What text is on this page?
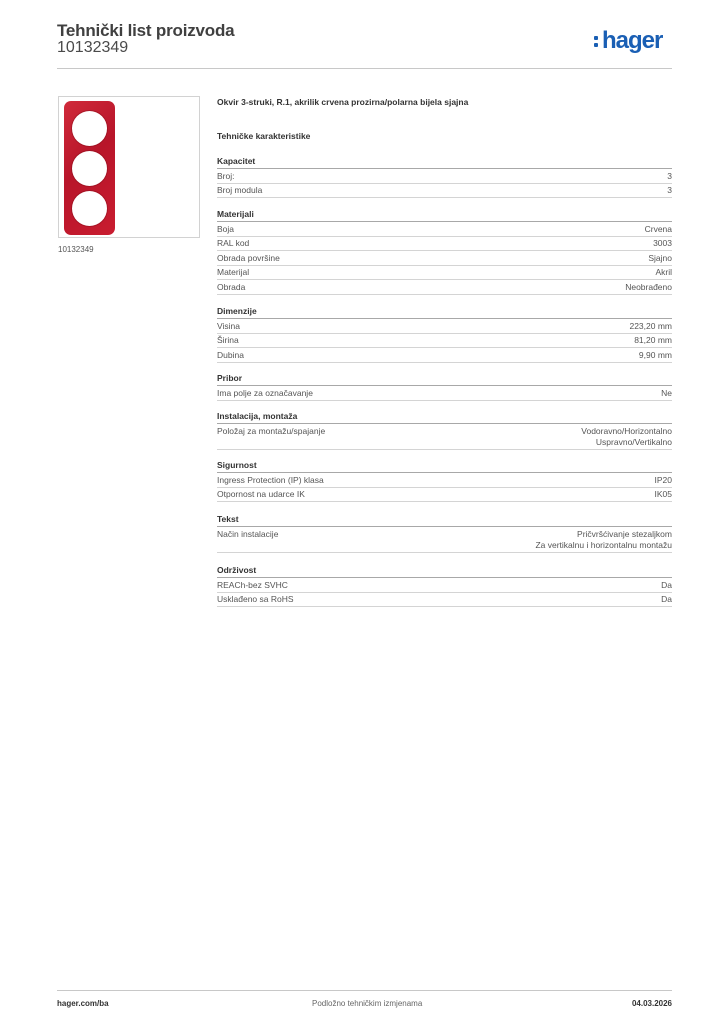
Tehnički list proizvoda
10132349	hager
10132349
Okvir 3-struki, R.1, akrilik crvena prozirna/polarna bijela sjajna
Tehničke karakteristike
Kapacitet
Broj:	3
Broj modula	3
Materijali
Boja	Crvena
RAL kod	3003
Obrada površine	Sjajno
Materijal	Akril
Obrada	Neobrađeno
Dimenzije
Visina	223,20 mm
Širina	81,20 mm
Dubina	9,90 mm
Pribor
Ima polje za označavanje	Ne
Instalacija, montaža
Položaj za montažu/spajanje	Vodoravno/Horizontalno
Uspravno/Vertikalno
Sigurnost
Ingress Protection (IP) klasa	IP20
Otpornost na udarce IK	IK05
Tekst
Način instalacije	Pričvršćivanje stezaljkom
Za vertikalnu i horizontalnu montažu
Održivost
REACh-bez SVHC	Da
Usklađeno sa RoHS	Da
hager.com/ba	Podložno tehničkim izmjenama	04.03.2026
